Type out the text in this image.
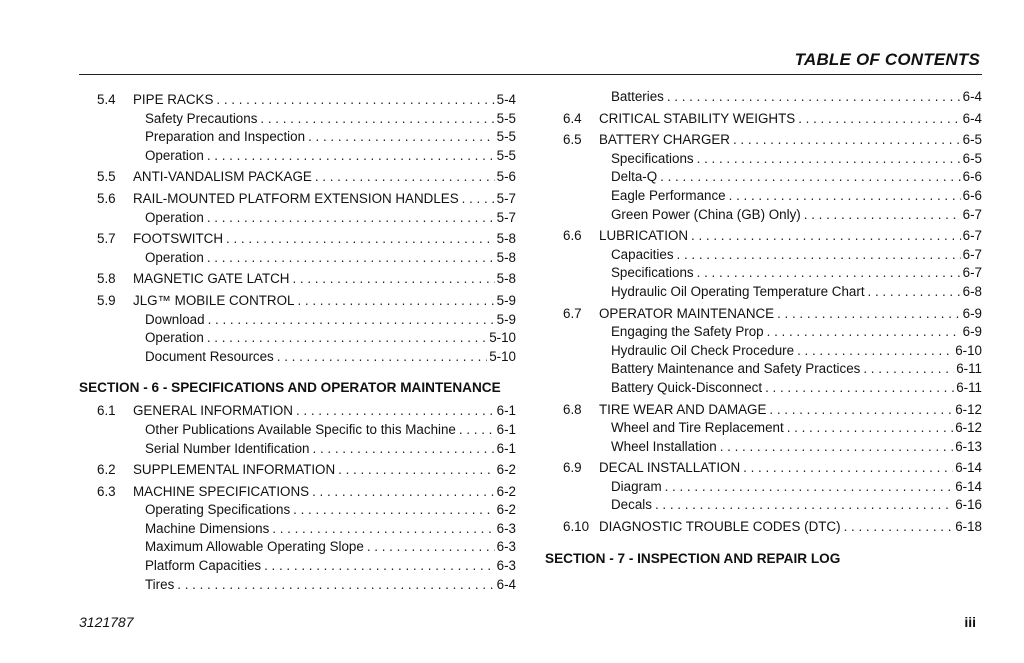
TABLE OF CONTENTS
5.4 PIPE RACKS . . .	5-4
Safety Precautions . . .	5-5
Preparation and Inspection . . .	5-5
Operation . . .	5-5
5.5 ANTI-VANDALISM PACKAGE . . .	5-6
5.6 RAIL-MOUNTED PLATFORM EXTENSION HANDLES . . .	5-7
Operation . . .	5-7
5.7 FOOTSWITCH . . .	5-8
Operation . . .	5-8
5.8 MAGNETIC GATE LATCH . . .	5-8
5.9 JLG™ MOBILE CONTROL . . .	5-9
Download . . .	5-9
Operation . . .	5-10
Document Resources . . .	5-10
SECTION - 6 - SPECIFICATIONS AND OPERATOR MAINTENANCE
6.1 GENERAL INFORMATION . . .	6-1
Other Publications Available Specific to this Machine . . .	6-1
Serial Number Identification . . .	6-1
6.2 SUPPLEMENTAL INFORMATION . . .	6-2
6.3 MACHINE SPECIFICATIONS . . .	6-2
Operating Specifications . . .	6-2
Machine Dimensions . . .	6-3
Maximum Allowable Operating Slope . . .	6-3
Platform Capacities . . .	6-3
Tires . . .	6-4
Batteries . . .	6-4
6.4 CRITICAL STABILITY WEIGHTS . . .	6-4
6.5 BATTERY CHARGER . . .	6-5
Specifications . . .	6-5
Delta-Q . . .	6-6
Eagle Performance . . .	6-6
Green Power (China (GB) Only) . . .	6-7
6.6 LUBRICATION . . .	6-7
Capacities . . .	6-7
Specifications . . .	6-7
Hydraulic Oil Operating Temperature Chart . . .	6-8
6.7 OPERATOR MAINTENANCE . . .	6-9
Engaging the Safety Prop . . .	6-9
Hydraulic Oil Check Procedure . . .	6-10
Battery Maintenance and Safety Practices . . .	6-11
Battery Quick-Disconnect . . .	6-11
6.8 TIRE WEAR AND DAMAGE . . .	6-12
Wheel and Tire Replacement . . .	6-12
Wheel Installation . . .	6-13
6.9 DECAL INSTALLATION . . .	6-14
Diagram . . .	6-14
Decals . . .	6-16
6.10 DIAGNOSTIC TROUBLE CODES (DTC) . . .	6-18
SECTION - 7 - INSPECTION AND REPAIR LOG
3121787	iii
